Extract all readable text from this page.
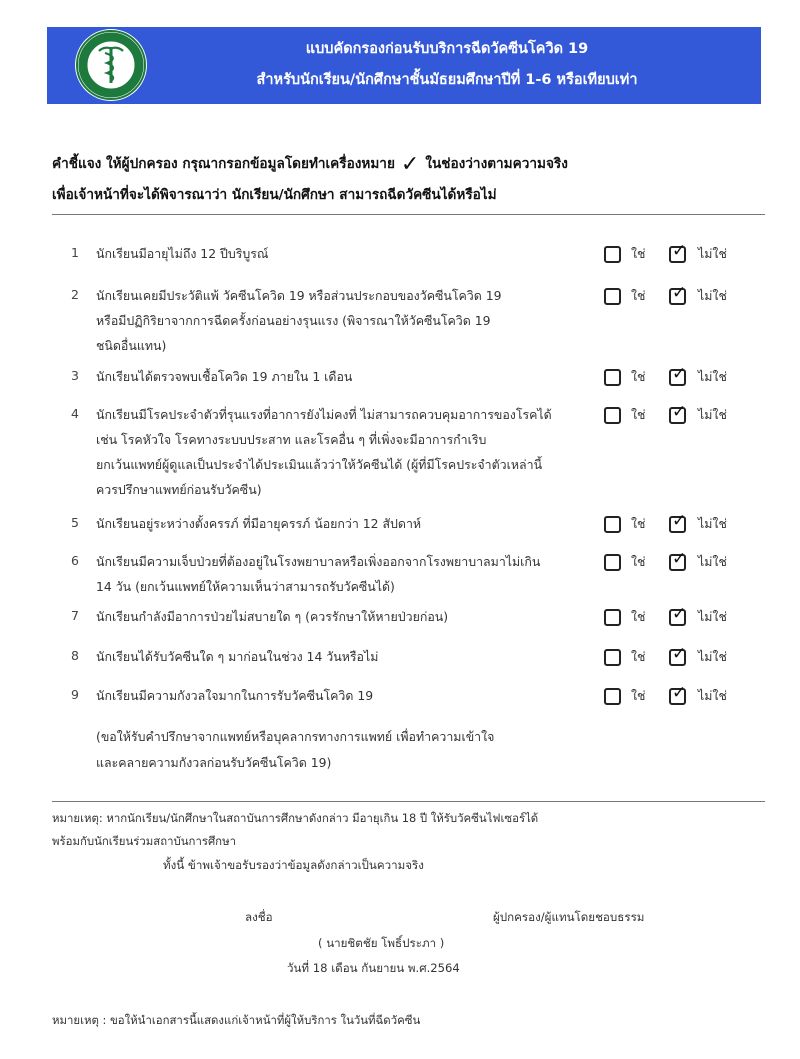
แบบคัดกรองก่อนรับบริการฉีดวัคซีนโควิด 19
สำหรับนักเรียน/นักศึกษาชั้นมัธยมศึกษาปีที่ 1-6 หรือเทียบเท่า
คำชี้แจง ให้ผู้ปกครอง กรุณากรอกข้อมูลโดยทำเครื่องหมาย ✓ ในช่องว่างตามความจริง
เพื่อเจ้าหน้าที่จะได้พิจารณาว่า นักเรียน/นักศึกษา สามารถฉีดวัคซีนได้หรือไม่
1 นักเรียนมีอายุไม่ถึง 12 ปีบริบูรณ์	ใช่ ✓ ไม่ใช่
2 นักเรียนเคยมีประวัติแพ้ วัคซีนโควิด 19 หรือส่วนประกอบของวัคซีนโควิด 19
หรือมีปฏิกิริยาจากการฉีดครั้งก่อนอย่างรุนแรง (พิจารณาให้วัคซีนโควิด 19
ชนิดอื่นแทน)
ใช่ ✓ ไม่ใช่
3 นักเรียนได้ตรวจพบเชื้อโควิด 19 ภายใน 1 เดือน	ใช่ ✓ ไม่ใช่
4 นักเรียนมีโรคประจำตัวที่รุนแรงที่อาการยังไม่คงที่ ไม่สามารถควบคุมอาการของโรคได้
เช่น โรคหัวใจ โรคทางระบบประสาท และโรคอื่น ๆ ที่เพิ่งจะมีอาการกำเริบ
ยกเว้นแพทย์ผู้ดูแลเป็นประจำได้ประเมินแล้วว่าให้วัคซีนได้ (ผู้ที่มีโรคประจำตัวเหล่านี้
ควรปรึกษาแพทย์ก่อนรับวัคซีน)
ใช่ ✓ ไม่ใช่
5 นักเรียนอยู่ระหว่างตั้งครรภ์ ที่มีอายุครรภ์ น้อยกว่า 12 สัปดาห์	ใช่ ✓ ไม่ใช่
6 นักเรียนมีความเจ็บป่วยที่ต้องอยู่ในโรงพยาบาลหรือเพิ่งออกจากโรงพยาบาลมาไม่เกิน
14 วัน (ยกเว้นแพทย์ให้ความเห็นว่าสามารถรับวัคซีนได้)
ใช่ ✓ ไม่ใช่
7 นักเรียนกำลังมีอาการป่วยไม่สบายใด ๆ (ควรรักษาให้หายป่วยก่อน)	ใช่ ✓ ไม่ใช่
8 นักเรียนได้รับวัคซีนใด ๆ มาก่อนในช่วง 14 วันหรือไม่	ใช่ ✓ ไม่ใช่
9 นักเรียนมีความกังวลใจมากในการรับวัคซีนโควิด 19	ใช่ ✓ ไม่ใช่
(ขอให้รับคำปรึกษาจากแพทย์หรือบุคลากรทางการแพทย์ เพื่อทำความเข้าใจ
และคลายความกังวลก่อนรับวัคซีนโควิด 19)
หมายเหตุ: หากนักเรียน/นักศึกษาในสถาบันการศึกษาดังกล่าว มีอายุเกิน 18 ปี ให้รับวัคซีนไฟเซอร์ได้
พร้อมกับนักเรียนร่วมสถาบันการศึกษา
ทั้งนี้ ข้าพเจ้าขอรับรองว่าข้อมูลดังกล่าวเป็นความจริง
ลงชื่อ	ผู้ปกครอง/ผู้แทนโดยชอบธรรม
( นายชิตชัย โพธิ์ประภา )
วันที่ 18 เดือน กันยายน พ.ศ.2564
หมายเหตุ : ขอให้นำเอกสารนี้แสดงแก่เจ้าหน้าที่ผู้ให้บริการ ในวันที่ฉีดวัคซีน
